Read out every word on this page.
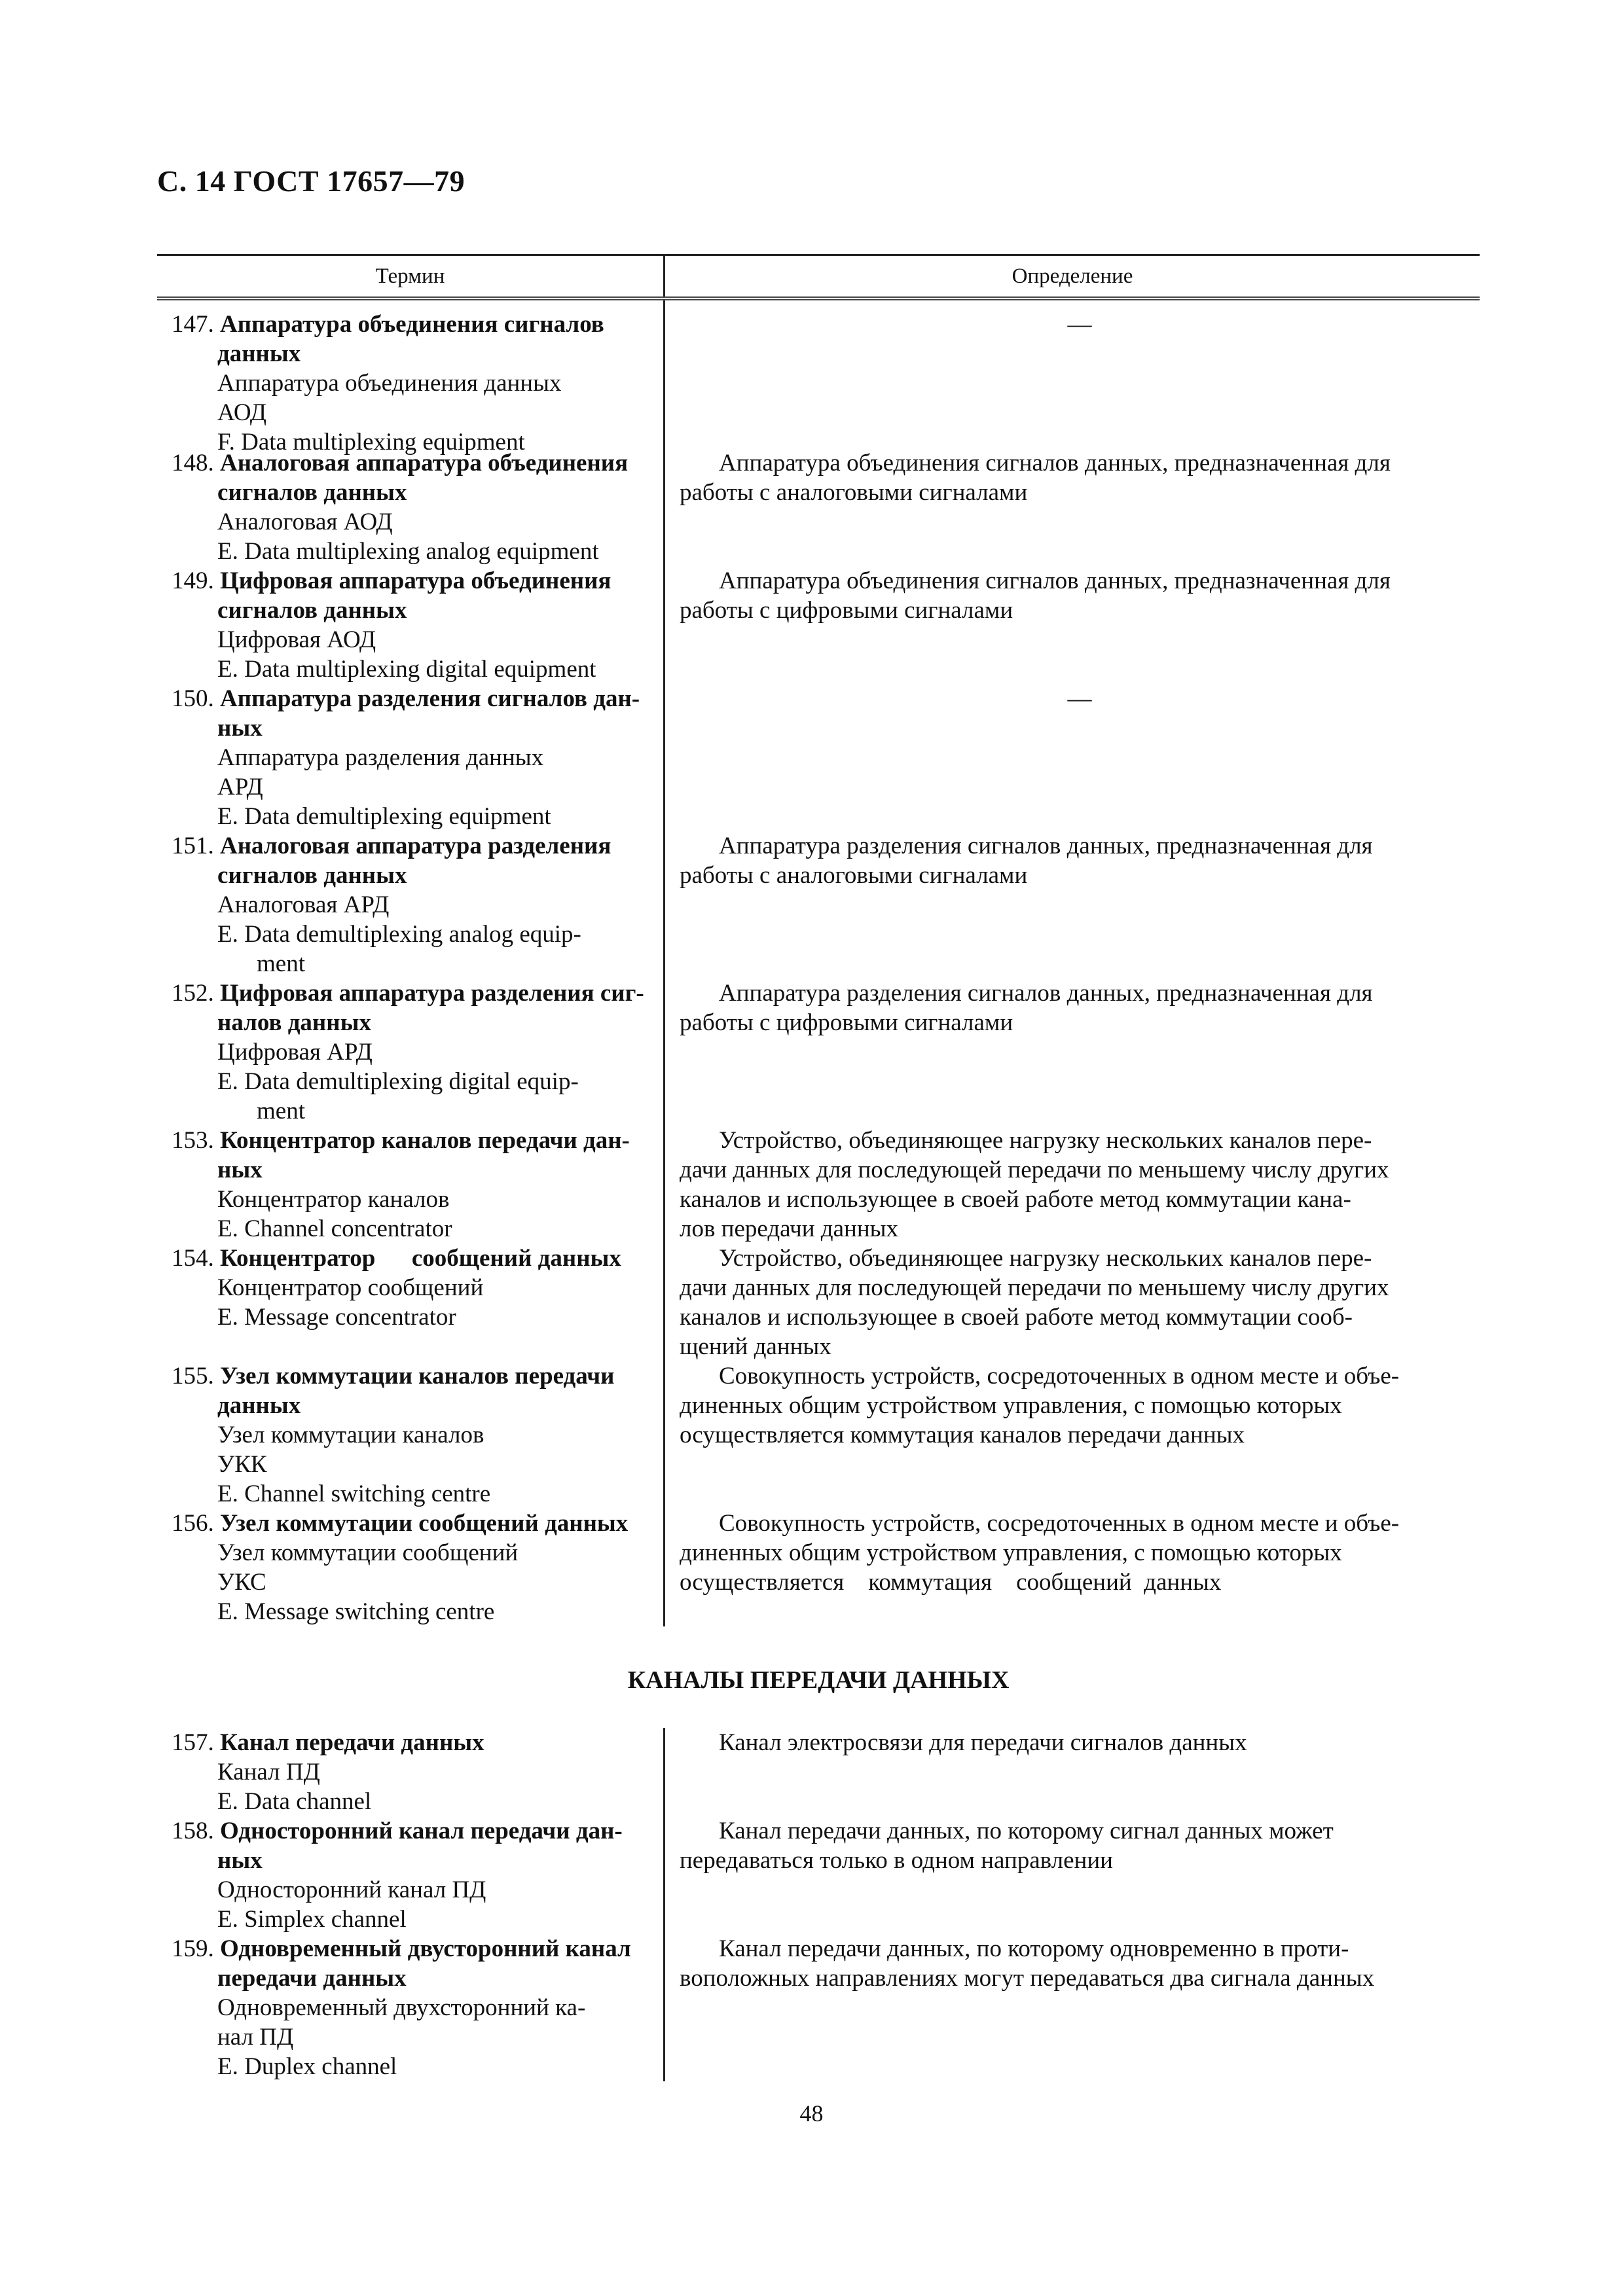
С. 14 ГОСТ 17657—79
Термин	Определение
147. Аппаратура объединения сигналов
данных
Аппаратура объединения данных
АОД
F. Data multiplexing equipment
—
148. Аналоговая аппаратура объединения
сигналов данных
Аналоговая АОД
E. Data multiplexing analog equipment
Аппаратура объединения сигналов данных, предназначенная для
работы с аналоговыми сигналами
149. Цифровая аппаратура объединения
сигналов данных
Цифровая АОД
E. Data multiplexing digital equipment
Аппаратура объединения сигналов данных, предназначенная для
работы с цифровыми сигналами
150. Аппаратура разделения сигналов дан-
ных
Аппаратура разделения данных
АРД
E. Data demultiplexing equipment
—
151. Аналоговая аппаратура разделения
сигналов данных
Аналоговая АРД
E. Data demultiplexing analog equip-
ment
Аппаратура разделения сигналов данных, предназначенная для
работы с аналоговыми сигналами
152. Цифровая аппаратура разделения сиг-
налов данных
Цифровая АРД
E. Data demultiplexing digital equip-
ment
Аппаратура разделения сигналов данных, предназначенная для
работы с цифровыми сигналами
153. Концентратор каналов передачи дан-
ных
Концентратор каналов
E. Channel concentrator
Устройство, объединяющее нагрузку нескольких каналов пере-
дачи данных для последующей передачи по меньшему числу других
каналов и использующее в своей работе метод коммутации кана-
лов передачи данных
154. Концентратор      сообщений данных
Концентратор сообщений
E. Message concentrator
Устройство, объединяющее нагрузку нескольких каналов пере-
дачи данных для последующей передачи по меньшему числу других
каналов и использующее в своей работе метод коммутации сооб-
щений данных
155. Узел коммутации каналов передачи
данных
Узел коммутации каналов
УКК
E. Channel switching centre
Совокупность устройств, сосредоточенных в одном месте и объе-
диненных общим устройством управления, с помощью которых
осуществляется коммутация каналов передачи данных
156. Узел коммутации сообщений данных
Узел коммутации сообщений
УКС
E. Message switching centre
Совокупность устройств, сосредоточенных в одном месте и объе-
диненных общим устройством управления, с помощью которых
осуществляется    коммутация    сообщений  данных
КАНАЛЫ ПЕРЕДАЧИ ДАННЫХ
157. Канал передачи данных
Канал ПД
E. Data channel
Канал электросвязи для передачи сигналов данных
158. Односторонний канал передачи дан-
ных
Односторонний канал ПД
E. Simplex channel
Канал передачи данных, по которому сигнал данных может
передаваться только в одном направлении
159. Одновременный двусторонний канал
передачи данных
Одновременный двухсторонний ка-
нал ПД
E. Duplex channel
Канал передачи данных, по которому одновременно в проти-
воположных направлениях могут передаваться два сигнала данных
48
